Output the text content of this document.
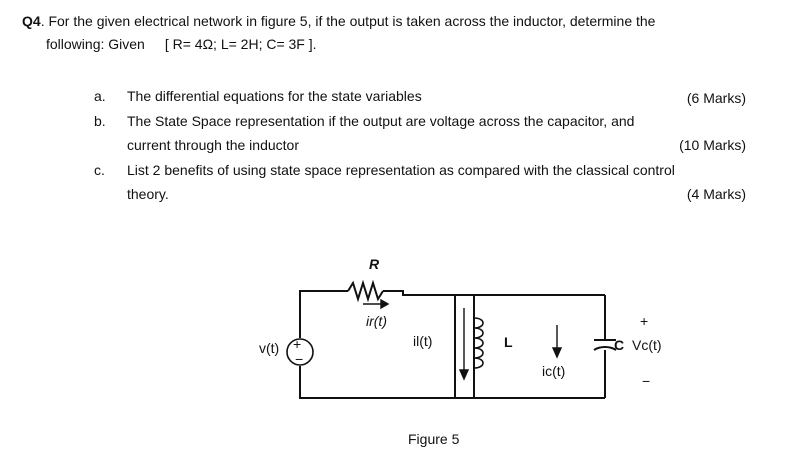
Q4. For the given electrical network in figure 5, if the output is taken across the inductor, determine the
following: Given [ R= 4Ω; L= 2H; C= 3F ].
a. The differential equations for the state variables	(6 Marks)
b. The State Space representation if the output are voltage across the capacitor, and
current through the inductor	(10 Marks)
c. List 2 benefits of using state space representation as compared with the classical control
theory.	(4 Marks)
+
−
R
ir(t)
v(t)	il(t)	L
ic(t)
C
+
Vc(t)
−
Figure 5
